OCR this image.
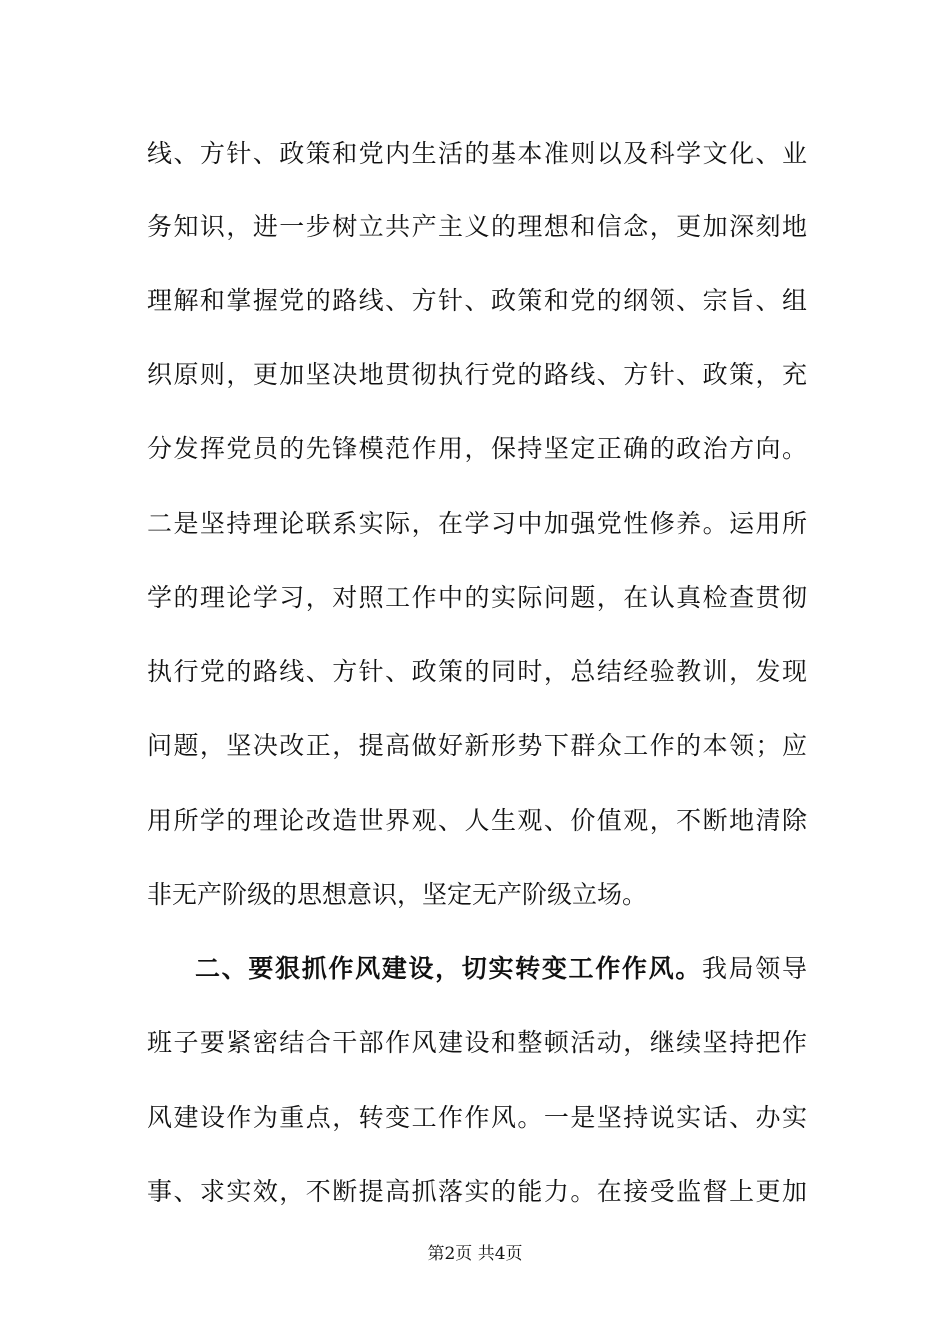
线、方针、政策和党内生活的基本准则以及科学文化、业
务知识，进一步树立共产主义的理想和信念，更加深刻地
理解和掌握党的路线、方针、政策和党的纲领、宗旨、组
织原则，更加坚决地贯彻执行党的路线、方针、政策，充
分发挥党员的先锋模范作用，保持坚定正确的政治方向。
二是坚持理论联系实际，在学习中加强党性修养。运用所
学的理论学习，对照工作中的实际问题，在认真检查贯彻
执行党的路线、方针、政策的同时，总结经验教训，发现
问题，坚决改正，提高做好新形势下群众工作的本领；应
用所学的理论改造世界观、人生观、价值观，不断地清除
非无产阶级的思想意识，坚定无产阶级立场。
二、要狠抓作风建设，切实转变工作作风。我局领导
班子要紧密结合干部作风建设和整顿活动，继续坚持把作
风建设作为重点，转变工作作风。一是坚持说实话、办实
事、求实效，不断提高抓落实的能力。在接受监督上更加
第2页 共4页
